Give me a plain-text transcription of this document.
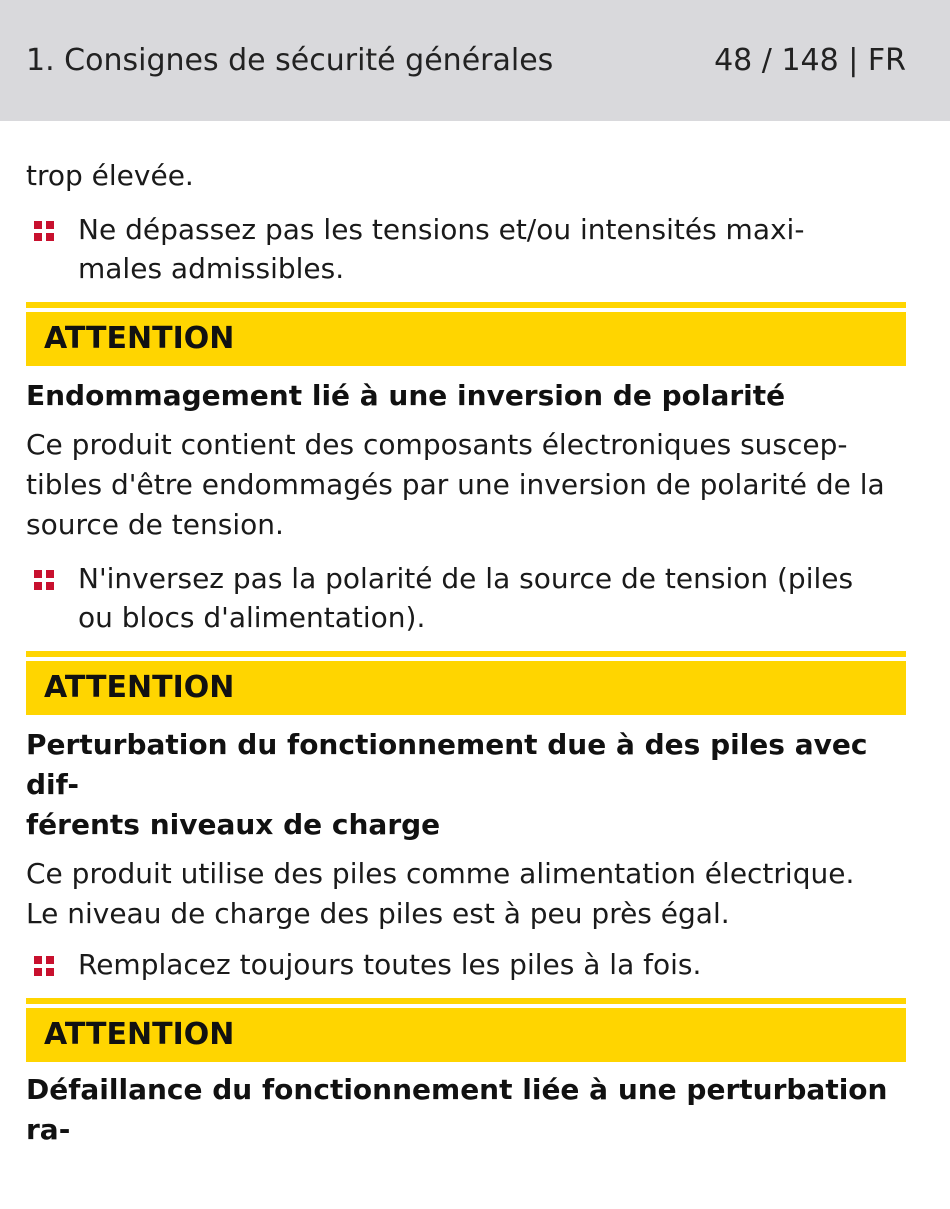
1. Consignes de sécurité générales	48 / 148 | FR
trop élevée.
Ne dépassez pas les tensions et/ou intensités maxi-
males admissibles.
ATTENTION
Endommagement lié à une inversion de polarité
Ce produit contient des composants électroniques suscep-
tibles d'être endommagés par une inversion de polarité de la
source de tension.
N'inversez pas la polarité de la source de tension (piles
ou blocs d'alimentation).
ATTENTION
Perturbation du fonctionnement due à des piles avec dif-
férents niveaux de charge
Ce produit utilise des piles comme alimentation électrique.
Le niveau de charge des piles est à peu près égal.
Remplacez toujours toutes les piles à la fois.
ATTENTION
Défaillance du fonctionnement liée à une perturbation ra-
